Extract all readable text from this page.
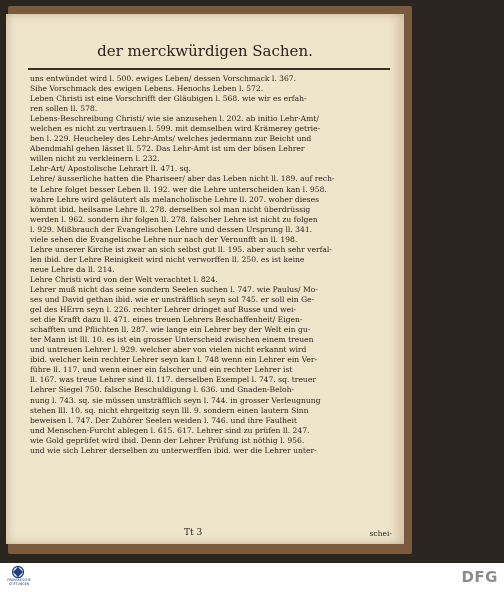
der merckwürdigen Sachen.
uns entwündet wird l. 500. ewiges Leben/ dessen Vorschmack l. 367.
Sihe Vorschmack des ewigen Lebens. Henochs Leben l. 572.
Leben Christi ist eine Vorschrifft der Gläubigen l. 568. wie wir es erfah-
ren sollen ll. 578.
Lebens-Beschreibung Christi/ wie sie anzusehen l. 202. ab initio Lehr-Amt/
welchen es nicht zu vertrauen l. 599. mit demselben wird Krämerey getrie-
ben l. 229. Heucheley des Lehr-Amts/ welches jedermann zur Beicht und
Abendmahl gehen lässet ll. 572. Das Lehr-Amt ist um der bösen Lehrer
willen nicht zu verkleinern l. 232.
Lehr-Art/ Apostolische Lehrart ll. 471. sq.
Lehre/ äusserliche hatten die Phariseer/ aber das Leben nicht ll. 189. auf rech-
te Lehre folget besser Leben ll. 192. wer die Lehre unterscheiden kan l. 958.
wahre Lehre wird geläutert als melancholische Lehre ll. 207. woher dieses
kömmt ibid. heilsame Lehre ll. 278. derselben sol man nicht überdrüssig
werden l. 962. sondern ihr folgen ll. 278. falscher Lehre ist nicht zu folgen
l. 929. Mißbrauch der Evangelischen Lehre und dessen Ursprung ll. 341.
viele sehen die Evangelische Lehre nur nach der Vernunfft an ll. 198.
Lehre unserer Kirche ist zwar an sich selbst gut ll. 195. aber auch sehr verfal-
len ibid. der Lehre Reinigkeit wird nicht verworffen ll. 250. es ist keine
neue Lehre da ll. 214.
Lehre Christi wird von der Welt verachtet l. 824.
Lehrer muß nicht das seine sondern Seelen suchen l. 747. wie Paulus/ Mo-
ses und David gethan ibid. wie er unsträfflich seyn sol 745. er soll ein Ge-
gel des HErrn seyn l. 226. rechter Lehrer dringet auf Busse und wei-
set die Krafft dazu ll. 471. eines treuen Lehrers Beschaffenheit/ Eigen-
schafften und Pflichten ll. 287. wie lange ein Lehrer bey der Welt ein gu-
ter Mann ist lll. 10. es ist ein grosser Unterscheid zwischen einem treuen
und untreuen Lehrer l. 929. welcher aber von vielen nicht erkannt wird
ibid. welcher kein rechter Lehrer seyn kan l. 748 wenn ein Lehrer ein Ver-
führe ll. 117. und wenn einer ein falscher und ein rechter Lehrer ist
ll. 167. was treue Lehrer sind ll. 117. derselben Exempel l. 747. sq. treuer
Lehrer Siegel 750. falsche Beschuldigung l. 636. und Gnaden-Beloh-
nung l. 743. sq. sie müssen unsträfflich seyn l. 744. in grosser Verleugnung
stehen lll. 10. sq. nicht ehrgeitzig seyn lll. 9. sondern einen lautern Sinn
beweisen l. 747. Der Zuhörer Seelen weiden l. 746. und ihre Faulheit
und Menschen-Furcht ablegen l. 615. 617. Lehrer sind zu prüfen ll. 247.
wie Gold geprüfet wird ibid. Denn der Lehrer Prüfung ist nöthig l. 956.
und wie sich Lehrer derselben zu unterwerffen ibid. wer die Lehrer unter-
Tt 3	schei-
FRANCKESCHE STIFTUNGEN	DFG
